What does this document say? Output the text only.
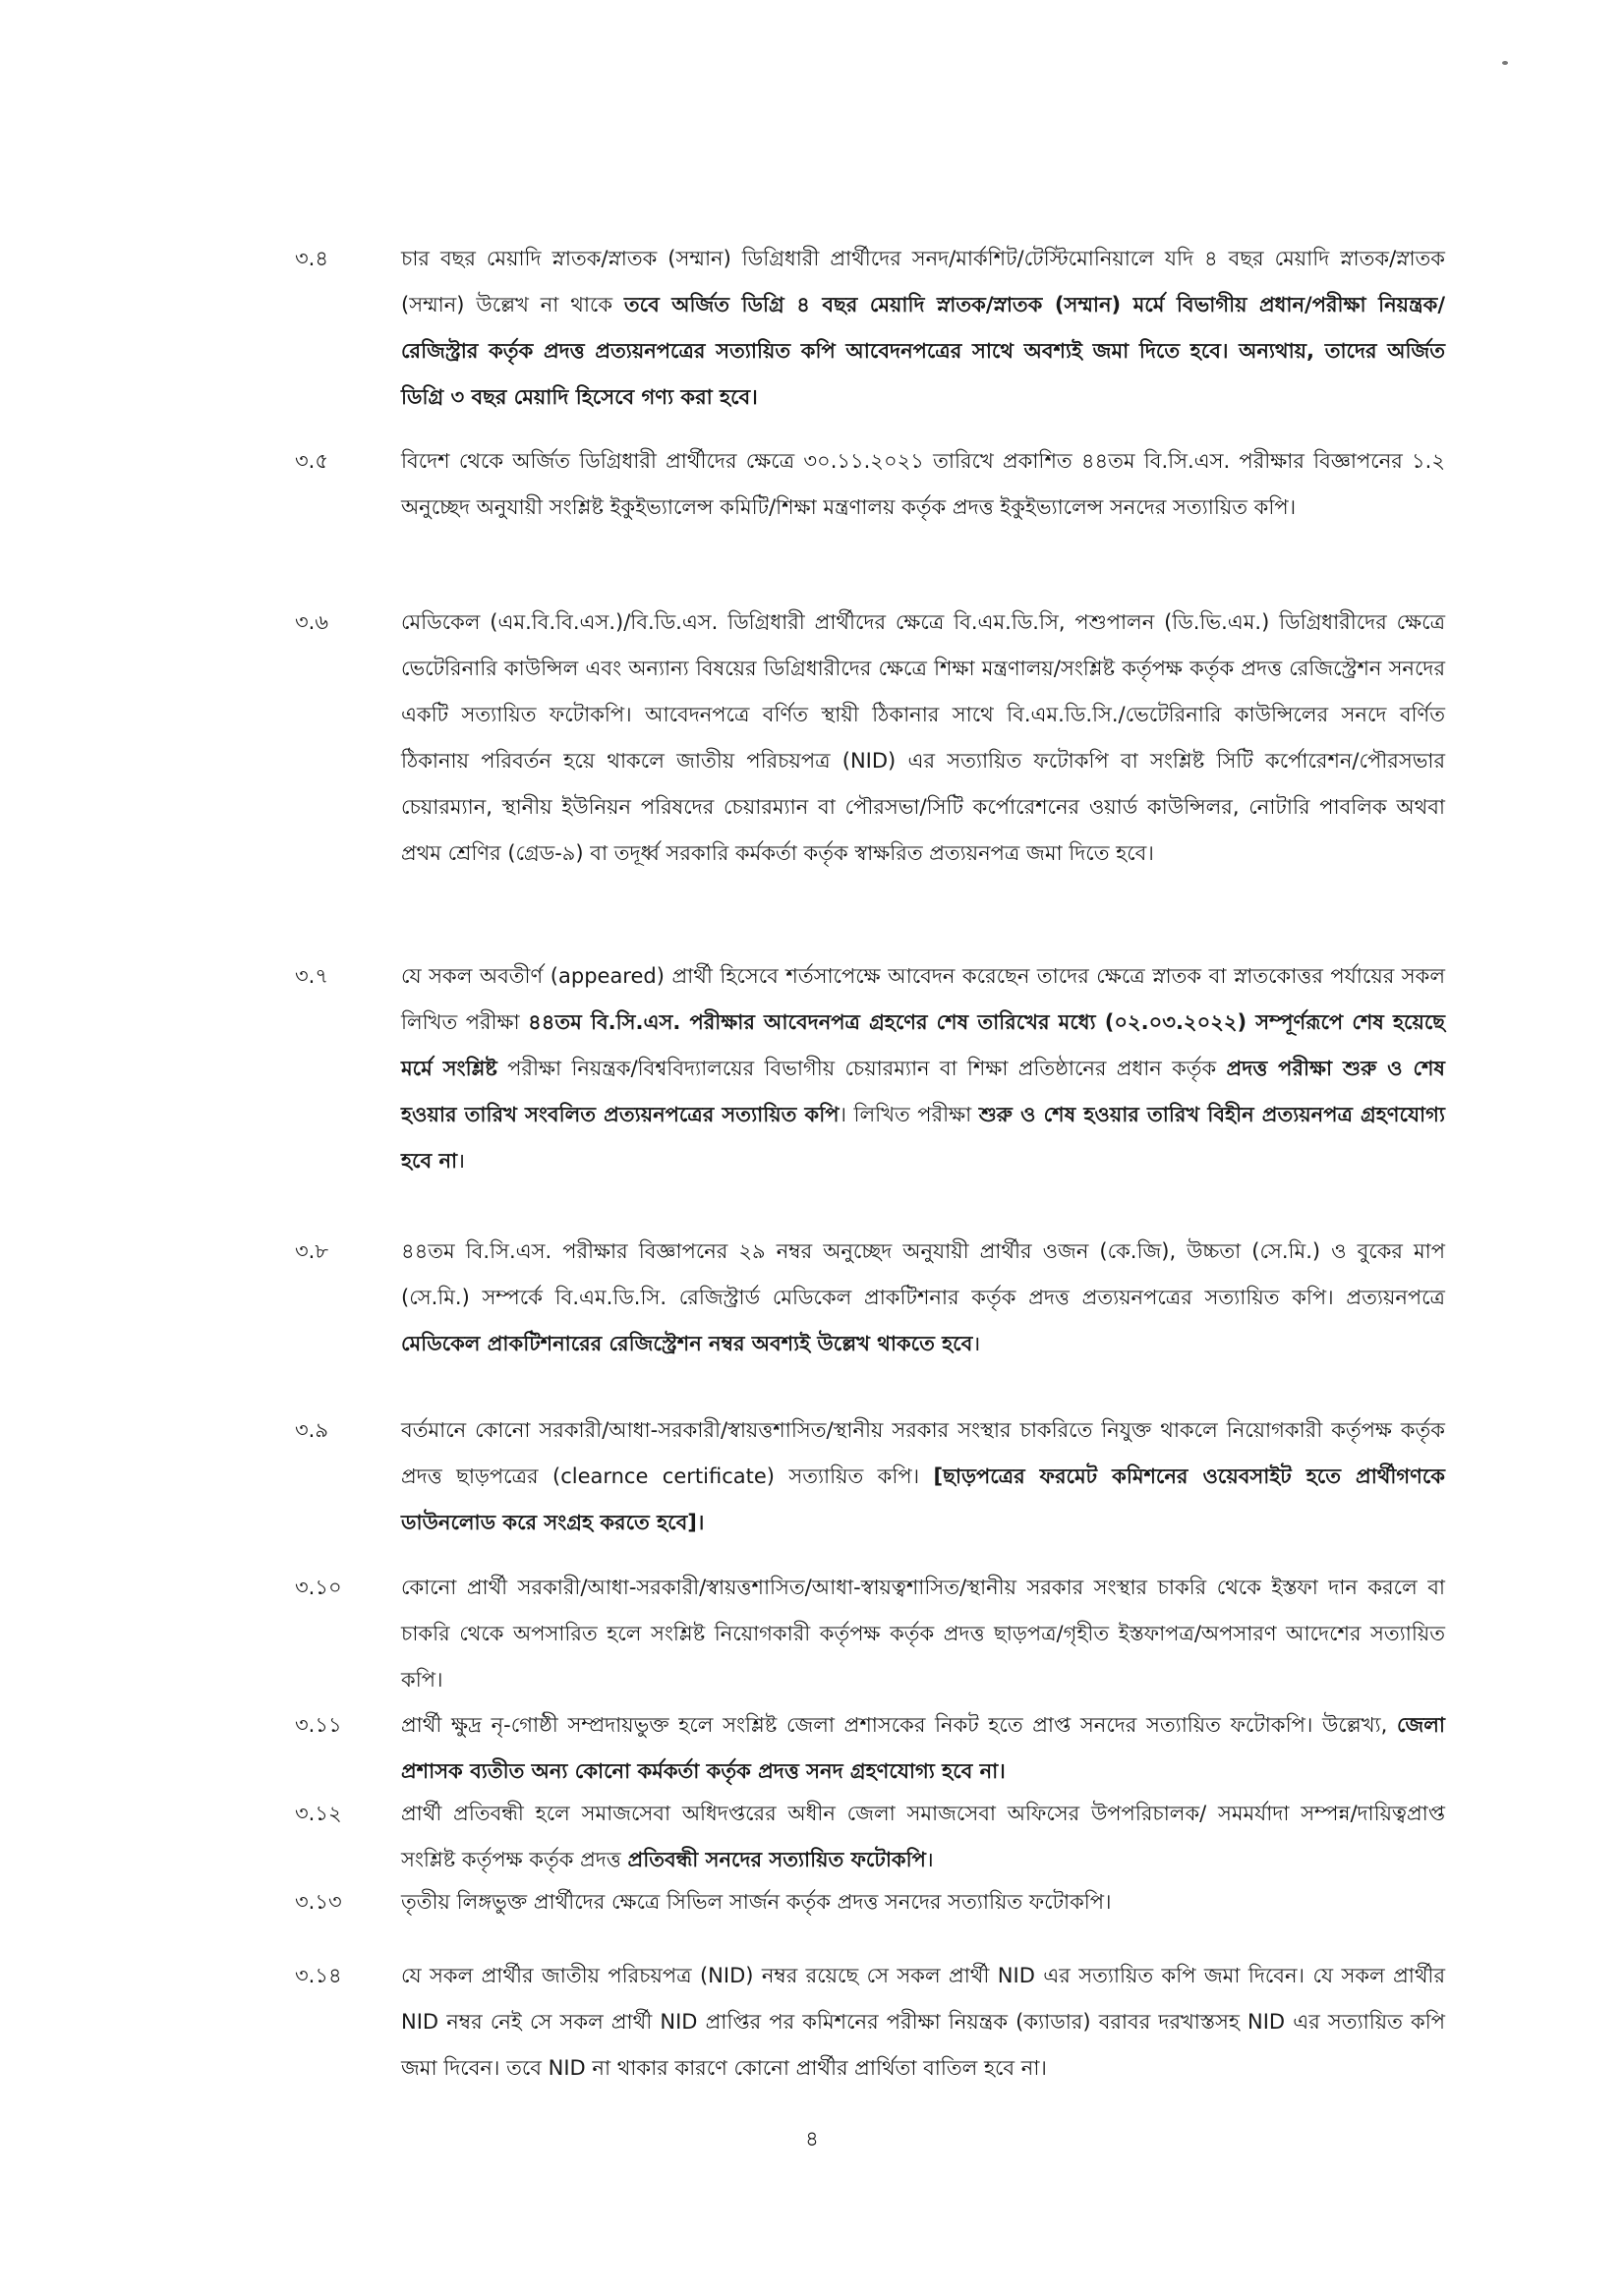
৩.৪	চার বছর মেয়াদি স্নাতক/স্নাতক (সম্মান) ডিগ্রিধারী প্রার্থীদের সনদ/মার্কশিট/টেস্টিমোনিয়ালে যদি ৪ বছর মেয়াদি স্নাতক/স্নাতক (সম্মান) উল্লেখ না থাকে তবে অর্জিত ডিগ্রি ৪ বছর মেয়াদি স্নাতক/স্নাতক (সম্মান) মর্মে বিভাগীয় প্রধান/পরীক্ষা নিয়ন্ত্রক/রেজিস্ট্রার কর্তৃক প্রদত্ত প্রত্যয়নপত্রের সত্যায়িত কপি আবেদনপত্রের সাথে অবশ্যই জমা দিতে হবে। অন্যথায়, তাদের অর্জিত ডিগ্রি ৩ বছর মেয়াদি হিসেবে গণ্য করা হবে।
৩.৫	বিদেশ থেকে অর্জিত ডিগ্রিধারী প্রার্থীদের ক্ষেত্রে ৩০.১১.২০২১ তারিখে প্রকাশিত ৪৪তম বি.সি.এস. পরীক্ষার বিজ্ঞাপনের ১.২ অনুচ্ছেদ অনুযায়ী সংশ্লিষ্ট ইকুইভ্যালেন্স কমিটি/শিক্ষা মন্ত্রণালয় কর্তৃক প্রদত্ত ইকুইভ্যালেন্স সনদের সত্যায়িত কপি।
৩.৬	মেডিকেল (এম.বি.বি.এস.)/বি.ডি.এস. ডিগ্রিধারী প্রার্থীদের ক্ষেত্রে বি.এম.ডি.সি, পশুপালন (ডি.ভি.এম.) ডিগ্রিধারীদের ক্ষেত্রে ভেটেরিনারি কাউন্সিল এবং অন্যান্য বিষয়ের ডিগ্রিধারীদের ক্ষেত্রে শিক্ষা মন্ত্রণালয়/সংশ্লিষ্ট কর্তৃপক্ষ কর্তৃক প্রদত্ত রেজিস্ট্রেশন সনদের একটি সত্যায়িত ফটোকপি। আবেদনপত্রে বর্ণিত স্থায়ী ঠিকানার সাথে বি.এম.ডি.সি./ভেটেরিনারি কাউন্সিলের সনদে বর্ণিত ঠিকানায় পরিবর্তন হয়ে থাকলে জাতীয় পরিচয়পত্র (NID) এর সত্যায়িত ফটোকপি বা সংশ্লিষ্ট সিটি কর্পোরেশন/পৌরসভার চেয়ারম্যান, স্থানীয় ইউনিয়ন পরিষদের চেয়ারম্যান বা পৌরসভা/সিটি কর্পোরেশনের ওয়ার্ড কাউন্সিলর, নোটারি পাবলিক অথবা প্রথম শ্রেণির (গ্রেড-৯) বা তদূর্ধ্ব সরকারি কর্মকর্তা কর্তৃক স্বাক্ষরিত প্রত্যয়নপত্র জমা দিতে হবে।
৩.৭	যে সকল অবতীর্ণ (appeared) প্রার্থী হিসেবে শর্তসাপেক্ষে আবেদন করেছেন তাদের ক্ষেত্রে স্নাতক বা স্নাতকোত্তর পর্যায়ের সকল লিখিত পরীক্ষা ৪৪তম বি.সি.এস. পরীক্ষার আবেদনপত্র গ্রহণের শেষ তারিখের মধ্যে (০২.০৩.২০২২) সম্পূর্ণরূপে শেষ হয়েছে মর্মে সংশ্লিষ্ট পরীক্ষা নিয়ন্ত্রক/বিশ্ববিদ্যালয়ের বিভাগীয় চেয়ারম্যান বা শিক্ষা প্রতিষ্ঠানের প্রধান কর্তৃক প্রদত্ত পরীক্ষা শুরু ও শেষ হওয়ার তারিখ সংবলিত প্রত্যয়নপত্রের সত্যায়িত কপি। লিখিত পরীক্ষা শুরু ও শেষ হওয়ার তারিখ বিহীন প্রত্যয়নপত্র গ্রহণযোগ্য হবে না।
৩.৮	৪৪তম বি.সি.এস. পরীক্ষার বিজ্ঞাপনের ২৯ নম্বর অনুচ্ছেদ অনুযায়ী প্রার্থীর ওজন (কে.জি), উচ্চতা (সে.মি.) ও বুকের মাপ (সে.মি.) সম্পর্কে বি.এম.ডি.সি. রেজিস্ট্রার্ড মেডিকেল প্রাকটিশনার কর্তৃক প্রদত্ত প্রত্যয়নপত্রের সত্যায়িত কপি। প্রত্যয়নপত্রে মেডিকেল প্রাকটিশনারের রেজিস্ট্রেশন নম্বর অবশ্যই উল্লেখ থাকতে হবে।
৩.৯	বর্তমানে কোনো সরকারী/আধা-সরকারী/স্বায়ত্তশাসিত/স্থানীয় সরকার সংস্থার চাকরিতে নিযুক্ত থাকলে নিয়োগকারী কর্তৃপক্ষ কর্তৃক প্রদত্ত ছাড়পত্রের (clearnce certificate) সত্যায়িত কপি। [ছাড়পত্রের ফরমেট কমিশনের ওয়েবসাইট হতে প্রার্থীগণকে ডাউনলোড করে সংগ্রহ করতে হবে]।
৩.১০	কোনো প্রার্থী সরকারী/আধা-সরকারী/স্বায়ত্তশাসিত/আধা-স্বায়ত্বশাসিত/স্থানীয় সরকার সংস্থার চাকরি থেকে ইস্তফা দান করলে বা চাকরি থেকে অপসারিত হলে সংশ্লিষ্ট নিয়োগকারী কর্তৃপক্ষ কর্তৃক প্রদত্ত ছাড়পত্র/গৃহীত ইস্তফাপত্র/অপসারণ আদেশের সত্যায়িত কপি।
৩.১১	প্রার্থী ক্ষুদ্র নৃ-গোষ্ঠী সম্প্রদায়ভুক্ত হলে সংশ্লিষ্ট জেলা প্রশাসকের নিকট হতে প্রাপ্ত সনদের সত্যায়িত ফটোকপি। উল্লেখ্য, জেলা প্রশাসক ব্যতীত অন্য কোনো কর্মকর্তা কর্তৃক প্রদত্ত সনদ গ্রহণযোগ্য হবে না।
৩.১২	প্রার্থী প্রতিবন্ধী হলে সমাজসেবা অধিদপ্তরের অধীন জেলা সমাজসেবা অফিসের উপপরিচালক/ সমমর্যাদা সম্পন্ন/দায়িত্বপ্রাপ্ত সংশ্লিষ্ট কর্তৃপক্ষ কর্তৃক প্রদত্ত প্রতিবন্ধী সনদের সত্যায়িত ফটোকপি।
৩.১৩	তৃতীয় লিঙ্গভুক্ত প্রার্থীদের ক্ষেত্রে সিভিল সার্জন কর্তৃক প্রদত্ত সনদের সত্যায়িত ফটোকপি।
৩.১৪	যে সকল প্রার্থীর জাতীয় পরিচয়পত্র (NID) নম্বর রয়েছে সে সকল প্রার্থী NID এর সত্যায়িত কপি জমা দিবেন। যে সকল প্রার্থীর NID নম্বর নেই সে সকল প্রার্থী NID প্রাপ্তির পর কমিশনের পরীক্ষা নিয়ন্ত্রক (ক্যাডার) বরাবর দরখাস্তসহ NID এর সত্যায়িত কপি জমা দিবেন। তবে NID না থাকার কারণে কোনো প্রার্থীর প্রার্থিতা বাতিল হবে না।
৪
